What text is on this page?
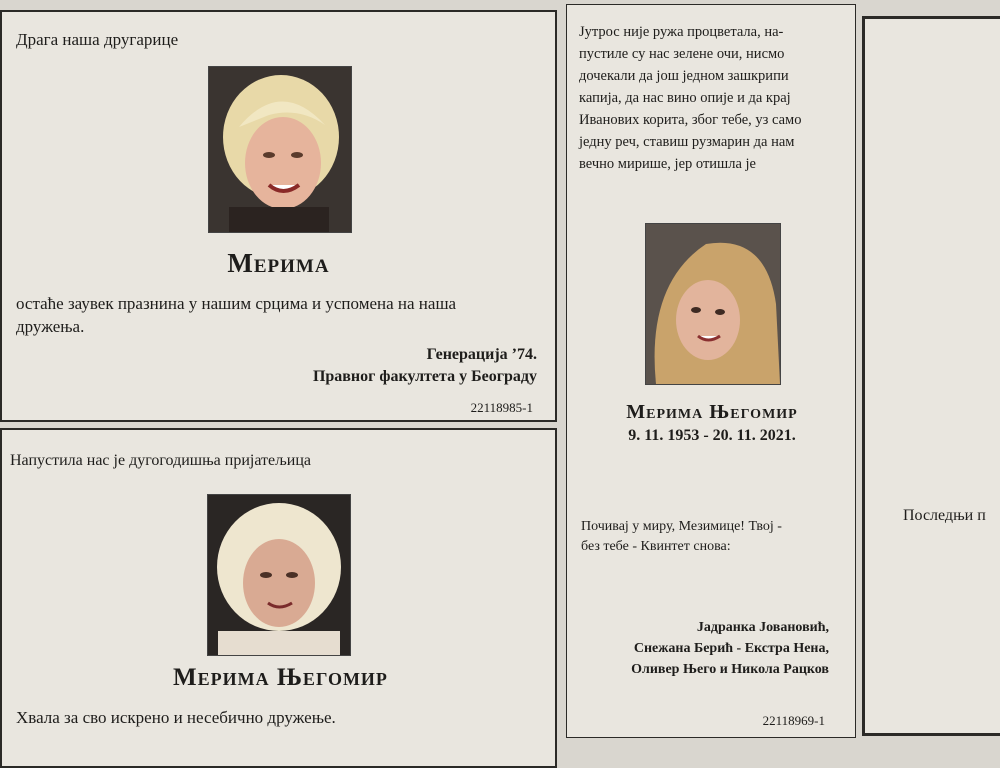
Драга наша другарице

Мерима

остаће заувек празнина у нашим срцима и успомена на наша

дружења.

Генерација ’74.

Правног факултета у Београду

22118985-1

Напустила нас је дугогодишња пријатељица

Мерима Његомир

Хвала за сво искрено и несебично дружење.

Јутрос није ружа процветала, на-
пустиле су нас зелене очи, нисмо
дочекали да још једном зашкрипи
капија, да нас вино опије и да крај
Ивановиx корита, због тебе, уз само
једну реч, ставиш рузмарин да нам
вечно мирише, јер отишла је

Мерима Његомир

9. 11. 1953 - 20. 11. 2021.

Почивај у миру, Мезимице! Твој -

без тебе - Квинтет снова:

Јадранка Јовановић,
Снежана Берић - Екстра Нена,
Оливер Њего и Никола Рацков

22118969-1

Последњи п
